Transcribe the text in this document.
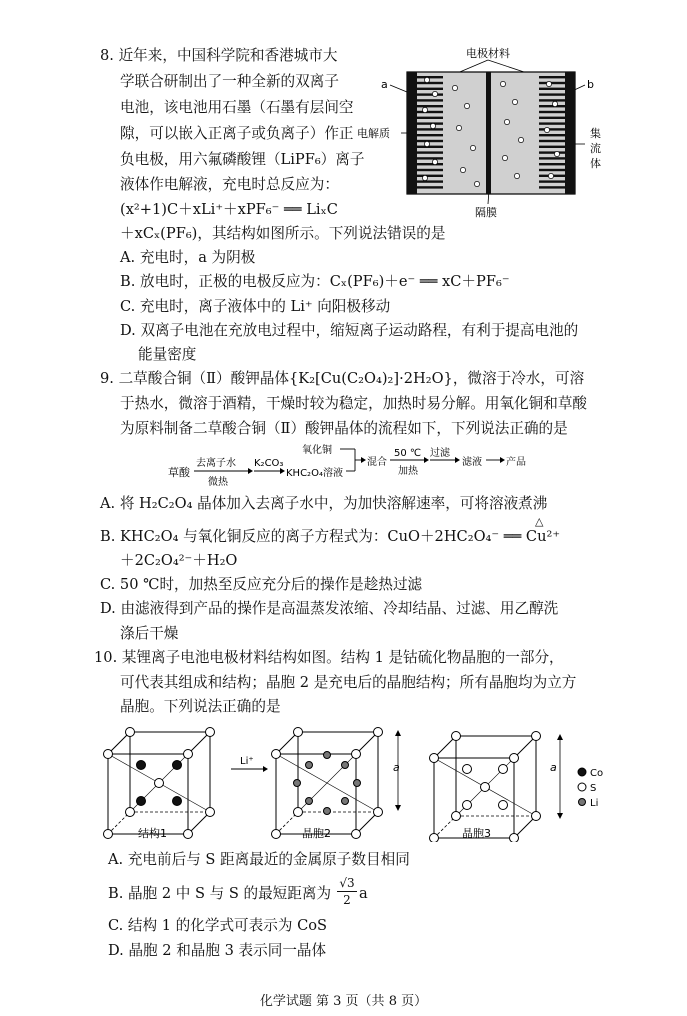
8. 近年来，中国科学院和香港城市大
学联合研制出了一种全新的双离子
电池，该电池用石墨（石墨有层间空
隙，可以嵌入正离子或负离子）作正
负电极，用六氟磷酸锂（LiPF₆）离子
液体作电解液，充电时总反应为：
(x²+1)C＋xLi⁺＋xPF₆⁻ ══ LiₓC
＋xCₓ(PF₆)，其结构如图所示。下列说法错误的是
A. 充电时，a 为阴极
B. 放电时，正极的电极反应为：Cₓ(PF₆)＋e⁻ ══ xC＋PF₆⁻
C. 充电时，离子液体中的 Li⁺ 向阳极移动
D. 双离子电池在充放电过程中，缩短离子运动路程，有利于提高电池的
能量密度
电极材料
a	b
电解质	集
流
体
隔膜
9. 二草酸合铜（Ⅱ）酸钾晶体{K₂[Cu(C₂O₄)₂]·2H₂O}，微溶于冷水，可溶
于热水，微溶于酒精，干燥时较为稳定，加热时易分解。用氧化铜和草酸
为原料制备二草酸合铜（Ⅱ）酸钾晶体的流程如下，下列说法正确的是
草酸
去离子水
微热
K₂CO₃
KHC₂O₄溶液
氧化铜
混合
50 ℃
加热
过滤
滤液 产品
A. 将 H₂C₂O₄ 晶体加入去离子水中，为加快溶解速率，可将溶液煮沸
B. KHC₂O₄ 与氧化铜反应的离子方程式为：CuO＋2HC₂O₄⁻ ══ Cu²⁺
△
＋2C₂O₄²⁻＋H₂O
C. 50 ℃时，加热至反应充分后的操作是趁热过滤
D. 由滤液得到产品的操作是高温蒸发浓缩、冷却结晶、过滤、用乙醇洗
涤后干燥
10. 某锂离子电池电极材料结构如图。结构 1 是钴硫化物晶胞的一部分，
可代表其组成和结构；晶胞 2 是充电后的晶胞结构；所有晶胞均为立方
晶胞。下列说法正确的是
Li⁺	a	a	Co
S
Li
结构1	晶胞2	晶胞3
A. 充电前后与 S 距离最近的金属原子数目相同
B. 晶胞 2 中 S 与 S 的最短距离为
√3
2 a
C. 结构 1 的化学式可表示为 CoS
D. 晶胞 2 和晶胞 3 表示同一晶体
化学试题 第 3 页（共 8 页）
